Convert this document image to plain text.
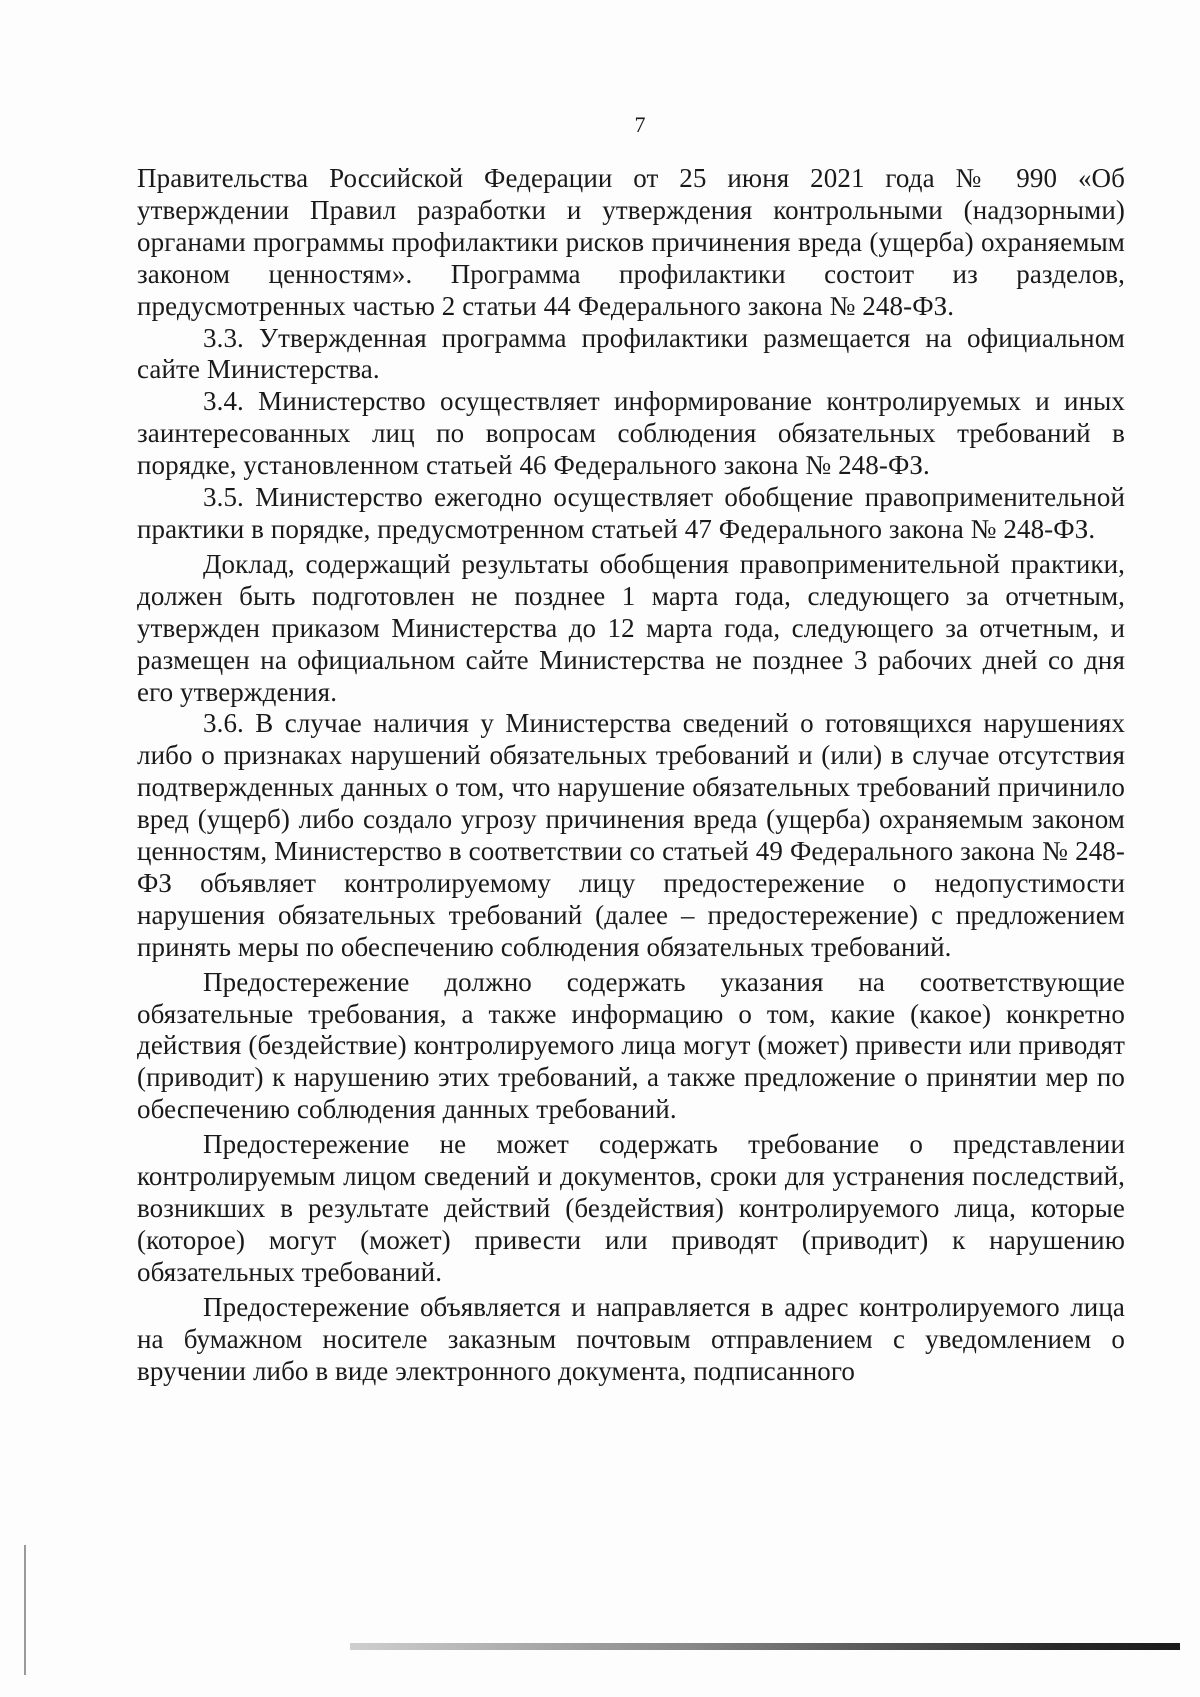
7

Правительства Российской Федерации от 25 июня 2021 года № 990 «Об утверждении Правил разработки и утверждения контрольными (надзорными) органами программы профилактики рисков причинения вреда (ущерба) охраняемым законом ценностям». Программа профилактики состоит из разделов, предусмотренных частью 2 статьи 44 Федерального закона № 248-ФЗ.

3.3. Утвержденная программа профилактики размещается на официальном сайте Министерства.

3.4. Министерство осуществляет информирование контролируемых и иных заинтересованных лиц по вопросам соблюдения обязательных требований в порядке, установленном статьей 46 Федерального закона № 248-ФЗ.

3.5. Министерство ежегодно осуществляет обобщение правоприменительной практики в порядке, предусмотренном статьей 47 Федерального закона № 248-ФЗ.

Доклад, содержащий результаты обобщения правоприменительной практики, должен быть подготовлен не позднее 1 марта года, следующего за отчетным, утвержден приказом Министерства до 12 марта года, следующего за отчетным, и размещен на официальном сайте Министерства не позднее 3 рабочих дней со дня его утверждения.

3.6. В случае наличия у Министерства сведений о готовящихся нарушениях либо о признаках нарушений обязательных требований и (или) в случае отсутствия подтвержденных данных о том, что нарушение обязательных требований причинило вред (ущерб) либо создало угрозу причинения вреда (ущерба) охраняемым законом ценностям, Министерство в соответствии со статьей 49 Федерального закона № 248-ФЗ объявляет контролируемому лицу предостережение о недопустимости нарушения обязательных требований (далее – предостережение) с предложением принять меры по обеспечению соблюдения обязательных требований.

Предостережение должно содержать указания на соответствующие обязательные требования, а также информацию о том, какие (какое) конкретно действия (бездействие) контролируемого лица могут (может) привести или приводят (приводит) к нарушению этих требований, а также предложение о принятии мер по обеспечению соблюдения данных требований.

Предостережение не может содержать требование о представлении контролируемым лицом сведений и документов, сроки для устранения последствий, возникших в результате действий (бездействия) контролируемого лица, которые (которое) могут (может) привести или приводят (приводит) к нарушению обязательных требований.

Предостережение объявляется и направляется в адрес контролируемого лица на бумажном носителе заказным почтовым отправлением с уведомлением о вручении либо в виде электронного документа, подписанного
